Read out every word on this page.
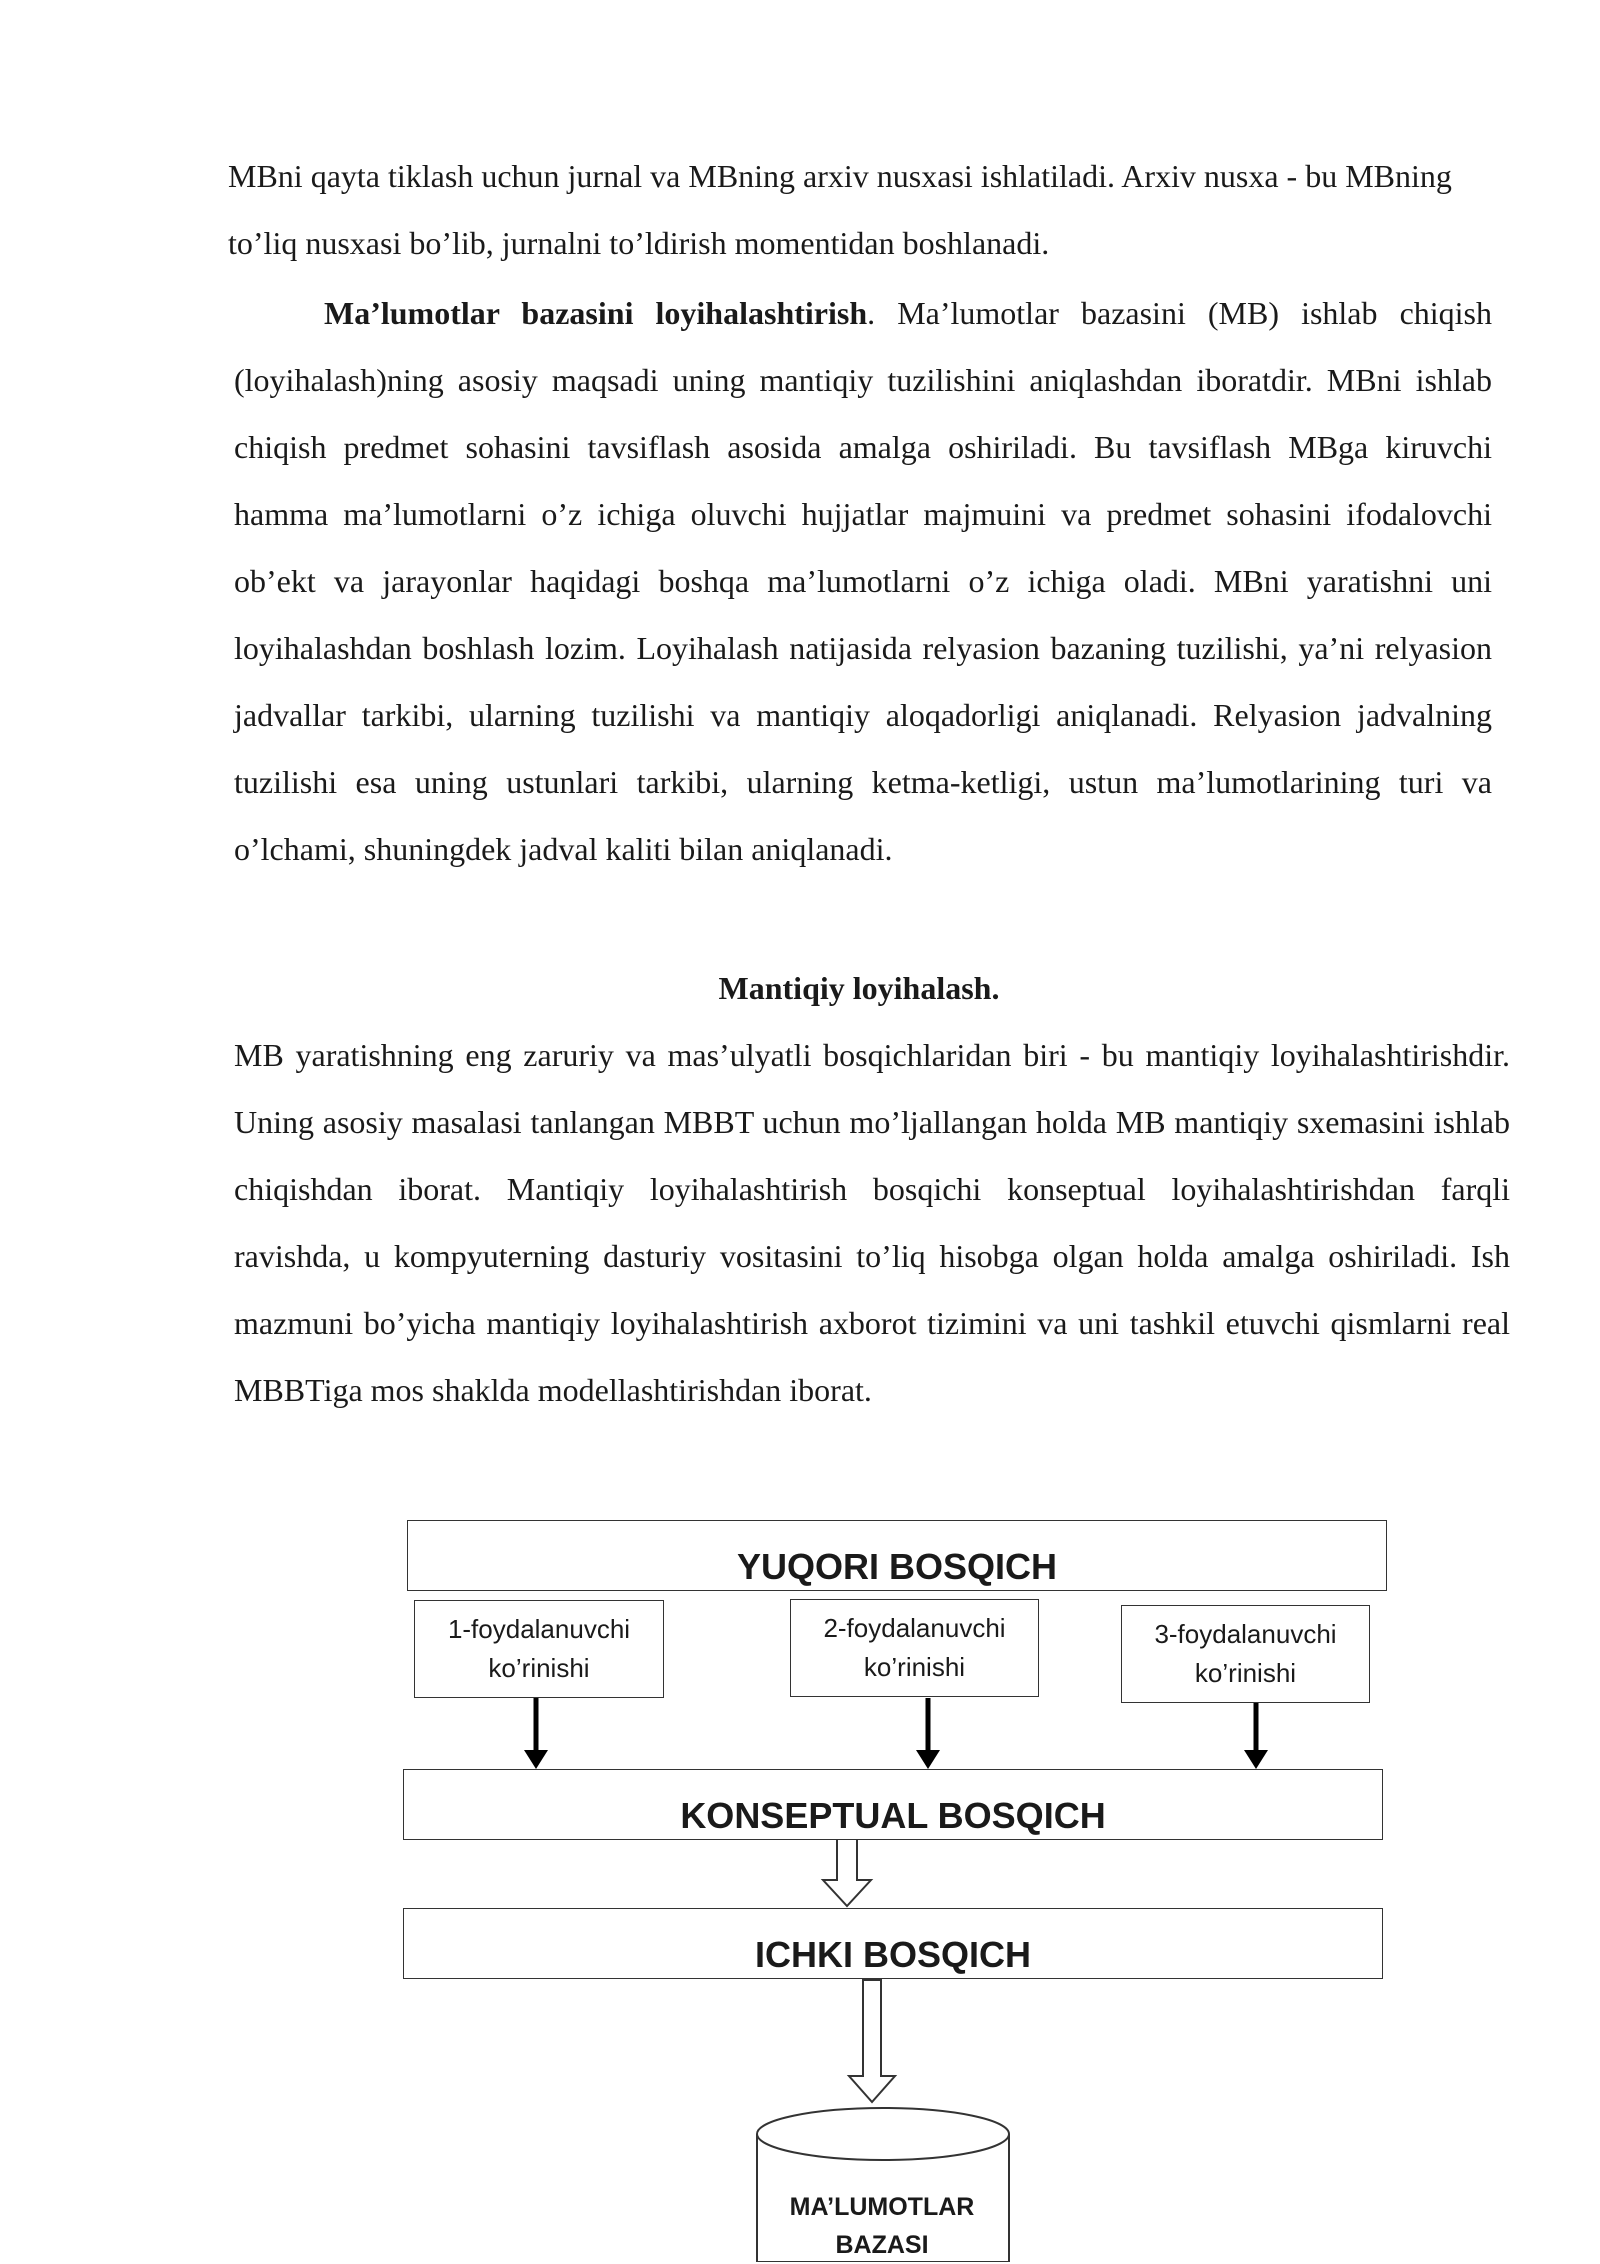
MBni qayta tiklash uchun jurnal va MBning arxiv nusxasi ishlatiladi. Arxiv nusxa - bu MBning to’liq nusxasi bo’lib, jurnalni to’ldirish momentidan boshlanadi.

Ma’lumotlar bazasini loyihalashtirish. Ma’lumotlar bazasini (MB) ishlab chiqish (loyihalash)ning asosiy maqsadi uning mantiqiy tuzilishini aniqlashdan iboratdir. MBni ishlab chiqish predmet sohasini tavsiflash asosida amalga oshiriladi. Bu tavsiflash MBga kiruvchi hamma ma’lumotlarni o’z ichiga oluvchi hujjatlar majmuini va predmet sohasini ifodalovchi ob’ekt va jarayonlar haqidagi boshqa ma’lumotlarni o’z ichiga oladi. MBni yaratishni uni loyihalashdan boshlash lozim. Loyihalash natijasida relyasion bazaning tuzilishi, ya’ni relyasion jadvallar tarkibi, ularning tuzilishi va mantiqiy aloqadorligi aniqlanadi. Relyasion jadvalning tuzilishi esa uning ustunlari tarkibi, ularning ketma-ketligi, ustun ma’lumotlarining turi va o’lchami, shuningdek jadval kaliti bilan aniqlanadi.

Mantiqiy loyihalash.

MB yaratishning eng zaruriy va mas’ulyatli bosqichlaridan biri - bu mantiqiy loyihalashtirishdir. Uning asosiy masalasi tanlangan MBBT uchun mo’ljallangan holda MB mantiqiy sxemasini ishlab chiqishdan iborat. Mantiqiy loyihalashtirish bosqichi konseptual loyihalashtirishdan farqli ravishda, u kompyuterning dasturiy vositasini to’liq hisobga olgan holda amalga oshiriladi. Ish mazmuni bo’yicha mantiqiy loyihalashtirish axborot tizimini va uni tashkil etuvchi qismlarni real MBBTiga mos shaklda modellashtirishdan iborat.

YUQORI BOSQICH
1-foydalanuvchi
ko’rinishi
2-foydalanuvchi
ko’rinishi
3-foydalanuvchi
ko’rinishi
KONSEPTUAL BOSQICH
ICHKI BOSQICH
MA’LUMOTLAR
BAZASI
